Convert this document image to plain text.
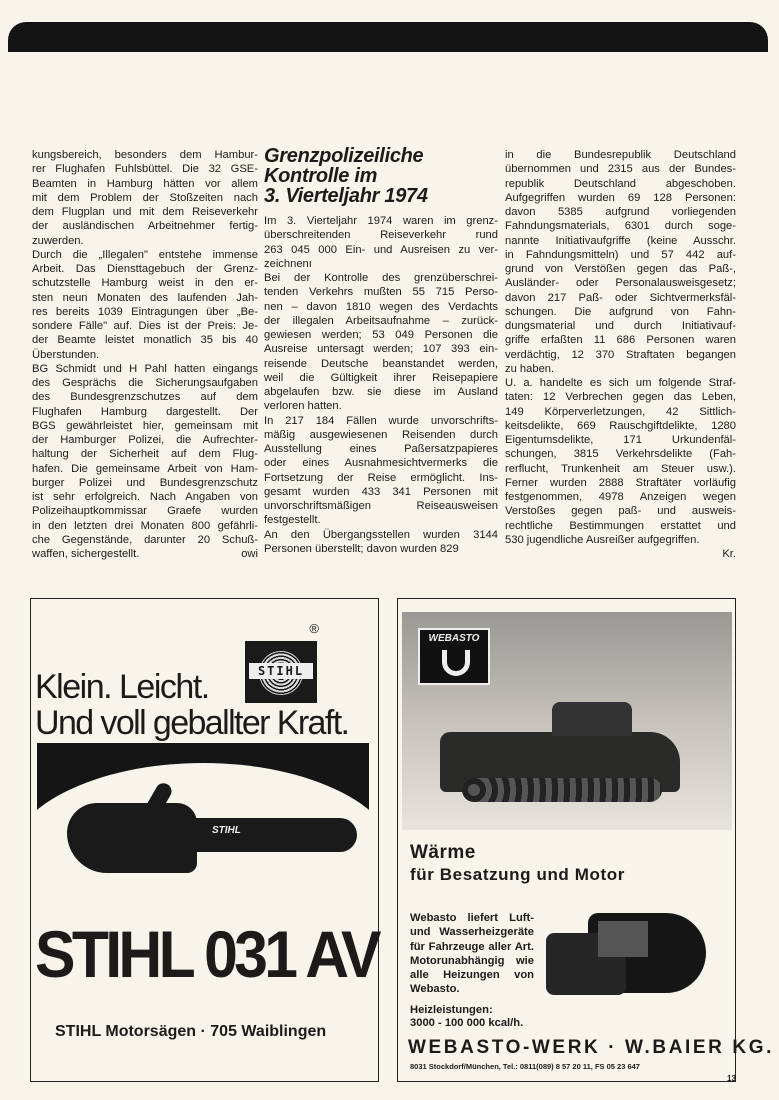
Grenzpolizeiliche
Kontrolle im
3. Vierteljahr 1974
kungsbereich, besonders dem Hambur-
rer Flughafen Fuhlsbüttel. Die 32 GSE-
Beamten in Hamburg hätten vor allem
mit dem Problem der Stoßzeiten nach
dem Flugplan und mit dem Reiseverkehr
der ausländischen Arbeitnehmer fertig-
zuwerden.
Durch die „Illegalen" entstehe immense
Arbeit. Das Diensttagebuch der Grenz-
schutzstelle Hamburg weist in den er-
sten neun Monaten des laufenden Jah-
res bereits 1039 Eintragungen über „Be-
sondere Fälle" auf. Dies ist der Preis: Je-
der Beamte leistet monatlich 35 bis 40
Überstunden.
BG Schmidt und H Pahl hatten eingangs
des Gesprächs die Sicherungsaufgaben
des Bundesgrenzschutzes auf dem
Flughafen Hamburg dargestellt. Der
BGS gewährleistet hier, gemeinsam mit
der Hamburger Polizei, die Aufrechter-
haltung der Sicherheit auf dem Flug-
hafen. Die gemeinsame Arbeit von Ham-
burger Polizei und Bundesgrenzschutz
ist sehr erfolgreich. Nach Angaben von
Polizeihauptkommissar Graefe wurden
in den letzten drei Monaten 800 gefährli-
che Gegenstände, darunter 20 Schuß-
waffen, sichergestellt.	owi
Im 3. Vierteljahr 1974 waren im grenz-
überschreitenden Reiseverkehr rund
263 045 000 Ein- und Ausreisen zu ver-
zeichnenı
Bei der Kontrolle des grenzüberschrei-
tenden Verkehrs mußten 55 715 Perso-
nen – davon 1810 wegen des Verdachts
der illegalen Arbeitsaufnahme – zurück-
gewiesen werden; 53 049 Personen die
Ausreise untersagt werden; 107 393 ein-
reisende Deutsche beanstandet werden,
weil die Gültigkeit ihrer Reisepapiere
abgelaufen bzw. sie diese im Ausland
verloren hatten.
In 217 184 Fällen wurde unvorschrifts-
mäßig ausgewiesenen Reisenden durch
Ausstellung eines Paßersatzpapieres
oder eines Ausnahmesichtvermerks die
Fortsetzung der Reise ermöglicht. Ins-
gesamt wurden 433 341 Personen mit
unvorschriftsmäßigen Reiseausweisen
festgestellt.
An den Übergangsstellen wurden 3144
Personen überstellt; davon wurden 829
in die Bundesrepublik Deutschland
übernommen und 2315 aus der Bundes-
republik Deutschland abgeschoben.
Aufgegriffen wurden 69 128 Personen:
davon 5385 aufgrund vorliegenden
Fahndungsmaterials, 6301 durch soge-
nannte Initiativaufgriffe (keine Ausschr.
in Fahndungsmitteln) und 57 442 auf-
grund von Verstößen gegen das Paß-,
Ausländer- oder Personalausweisgesetz;
davon 217 Paß- oder Sichtvermerksfäl-
schungen. Die aufgrund von Fahn-
dungsmaterial und durch Initiativauf-
griffe erfaßten 11 686 Personen waren
verdächtig, 12 370 Straftaten begangen
zu haben.
U. a. handelte es sich um folgende Straf-
taten: 12 Verbrechen gegen das Leben,
149 Körperverletzungen, 42 Sittlich-
keitsdelikte, 669 Rauschgiftdelikte, 1280
Eigentumsdelikte, 171 Urkundenfäl-
schungen, 3815 Verkehrsdelikte (Fah-
rerflucht, Trunkenheit am Steuer usw.).
Ferner wurden 2888 Straftäter vorläufig
festgenommen, 4978 Anzeigen wegen
Verstoßes gegen paß- und ausweis-
rechtliche Bestimmungen erstattet und
530 jugendliche Ausreißer aufgegriffen.
Kr.
STIHL
®
Klein. Leicht.
Und voll geballter Kraft.
STIHL
STIHL 031 AV
STIHL Motorsägen · 705 Waiblingen
WEBASTO
Wärme
für Besatzung und Motor
Webasto liefert Luft-
und Wasserheizgeräte
für Fahrzeuge aller Art.
Motorunabhängig wie
alle Heizungen von
Webasto.
Heizleistungen:
3000 - 100 000 kcal/h.
WEBASTO-WERK · W.BAIER KG.
8031 Stockdorf/München, Tel.: 0811(089) 8 57 20 11, FS 05 23 647
13
